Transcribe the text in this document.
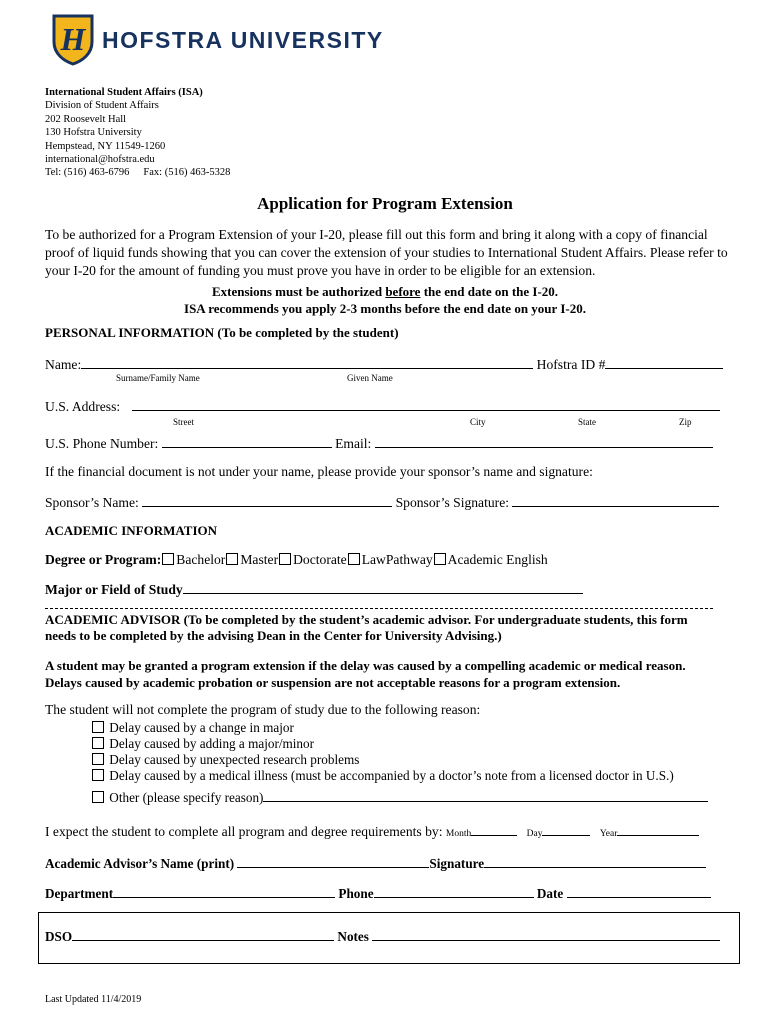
H HOFSTRA UNIVERSITY
International Student Affairs (ISA)
Division of Student Affairs
202 Roosevelt Hall
130 Hofstra University
Hempstead, NY 11549-1260
international@hofstra.edu
Tel: (516) 463-6796 Fax: (516) 463-5328
Application for Program Extension
To be authorized for a Program Extension of your I-20, please fill out this form and bring it along with a copy of financial proof of liquid funds showing that you can cover the extension of your studies to International Student Affairs. Please refer to your I-20 for the amount of funding you must prove you have in order to be eligible for an extension.
Extensions must be authorized before the end date on the I-20.
ISA recommends you apply 2-3 months before the end date on your I-20.
PERSONAL INFORMATION (To be completed by the student)
Name:	Hofstra ID #
Surname/Family Name	Given Name
U.S. Address:
Street	City	State	Zip
U.S. Phone Number:	Email:
If the financial document is not under your name, please provide your sponsor’s name and signature:
Sponsor’s Name:	Sponsor’s Signature:
ACADEMIC INFORMATION
Degree or Program: Bachelor Master Doctorate LawPathway Academic English
Major or Field of Study
ACADEMIC ADVISOR (To be completed by the student’s academic advisor. For undergraduate students, this form needs to be completed by the advising Dean in the Center for University Advising.)
A student may be granted a program extension if the delay was caused by a compelling academic or medical reason. Delays caused by academic probation or suspension are not acceptable reasons for a program extension.
The student will not complete the program of study due to the following reason:
Delay caused by a change in major
Delay caused by adding a major/minor
Delay caused by unexpected research problems
Delay caused by a medical illness (must be accompanied by a doctor’s note from a licensed doctor in U.S.)
Other (please specify reason)
I expect the student to complete all program and degree requirements by: Month	Day	Year
Academic Advisor’s Name (print)	Signature
Department	Phone	Date
DSO	Notes
Last Updated 11/4/2019
